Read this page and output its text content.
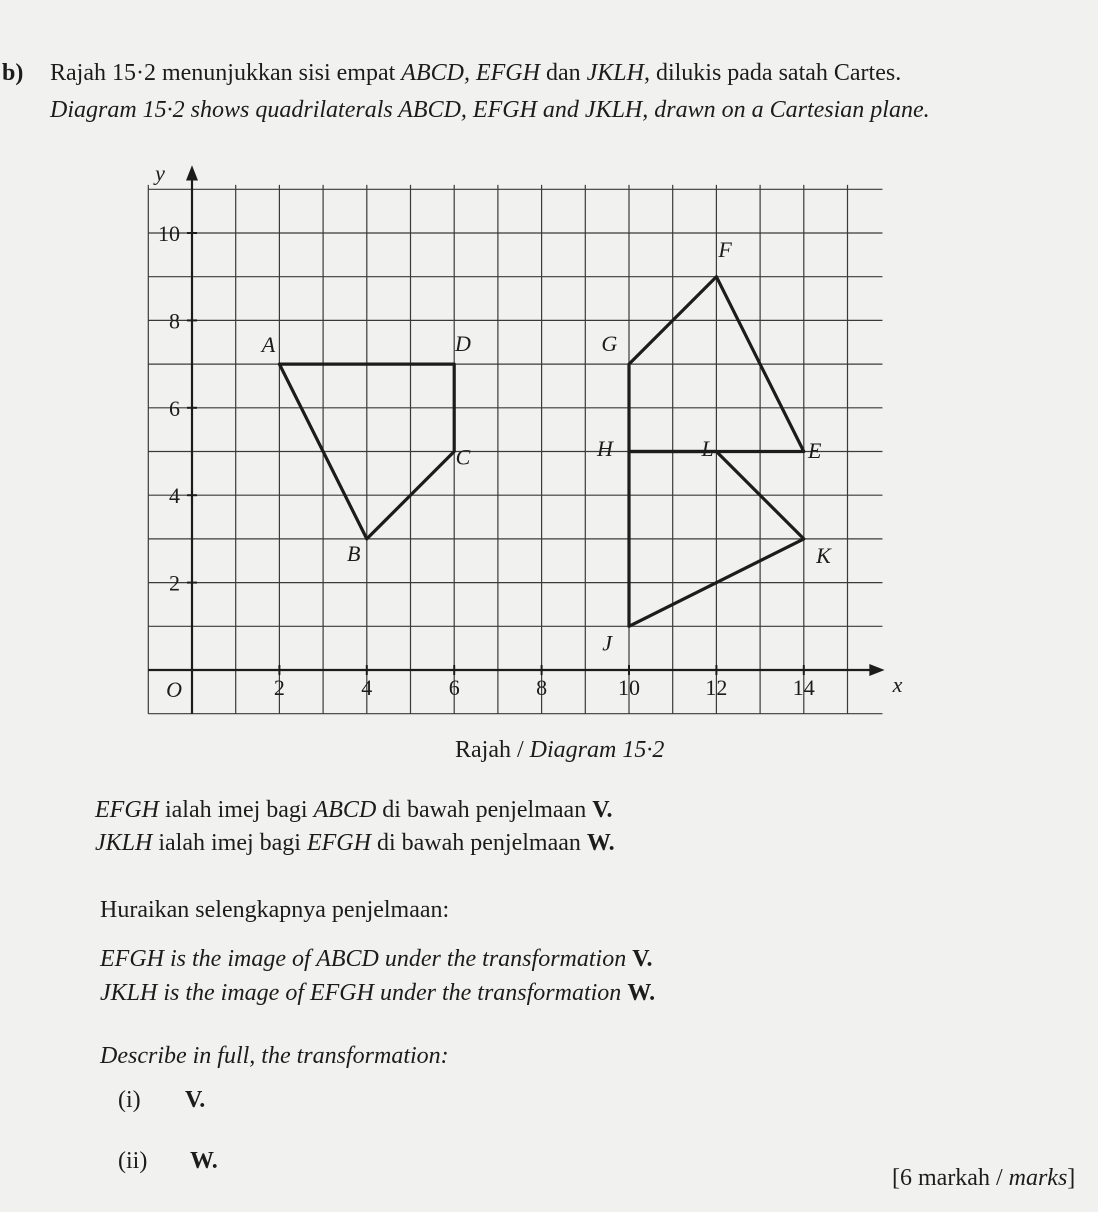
b) Rajah 15·2 menunjukkan sisi empat ABCD, EFGH dan JKLH, dilukis pada satah Cartes.
Diagram 15·2 shows quadrilaterals ABCD, EFGH and JKLH, drawn on a Cartesian plane.
2	4	6	8	10	12	14
2
4
6
8
10
O
y
x
A
B
C
D
E
F
G
H
J
K
L
Rajah / Diagram 15·2
EFGH ialah imej bagi ABCD di bawah penjelmaan V.
JKLH ialah imej bagi EFGH di bawah penjelmaan W.
Huraikan selengkapnya penjelmaan:
EFGH is the image of ABCD under the transformation V.
JKLH is the image of EFGH under the transformation W.
Describe in full, the transformation:
(i) V.
(ii) W.
[6 markah / marks]
